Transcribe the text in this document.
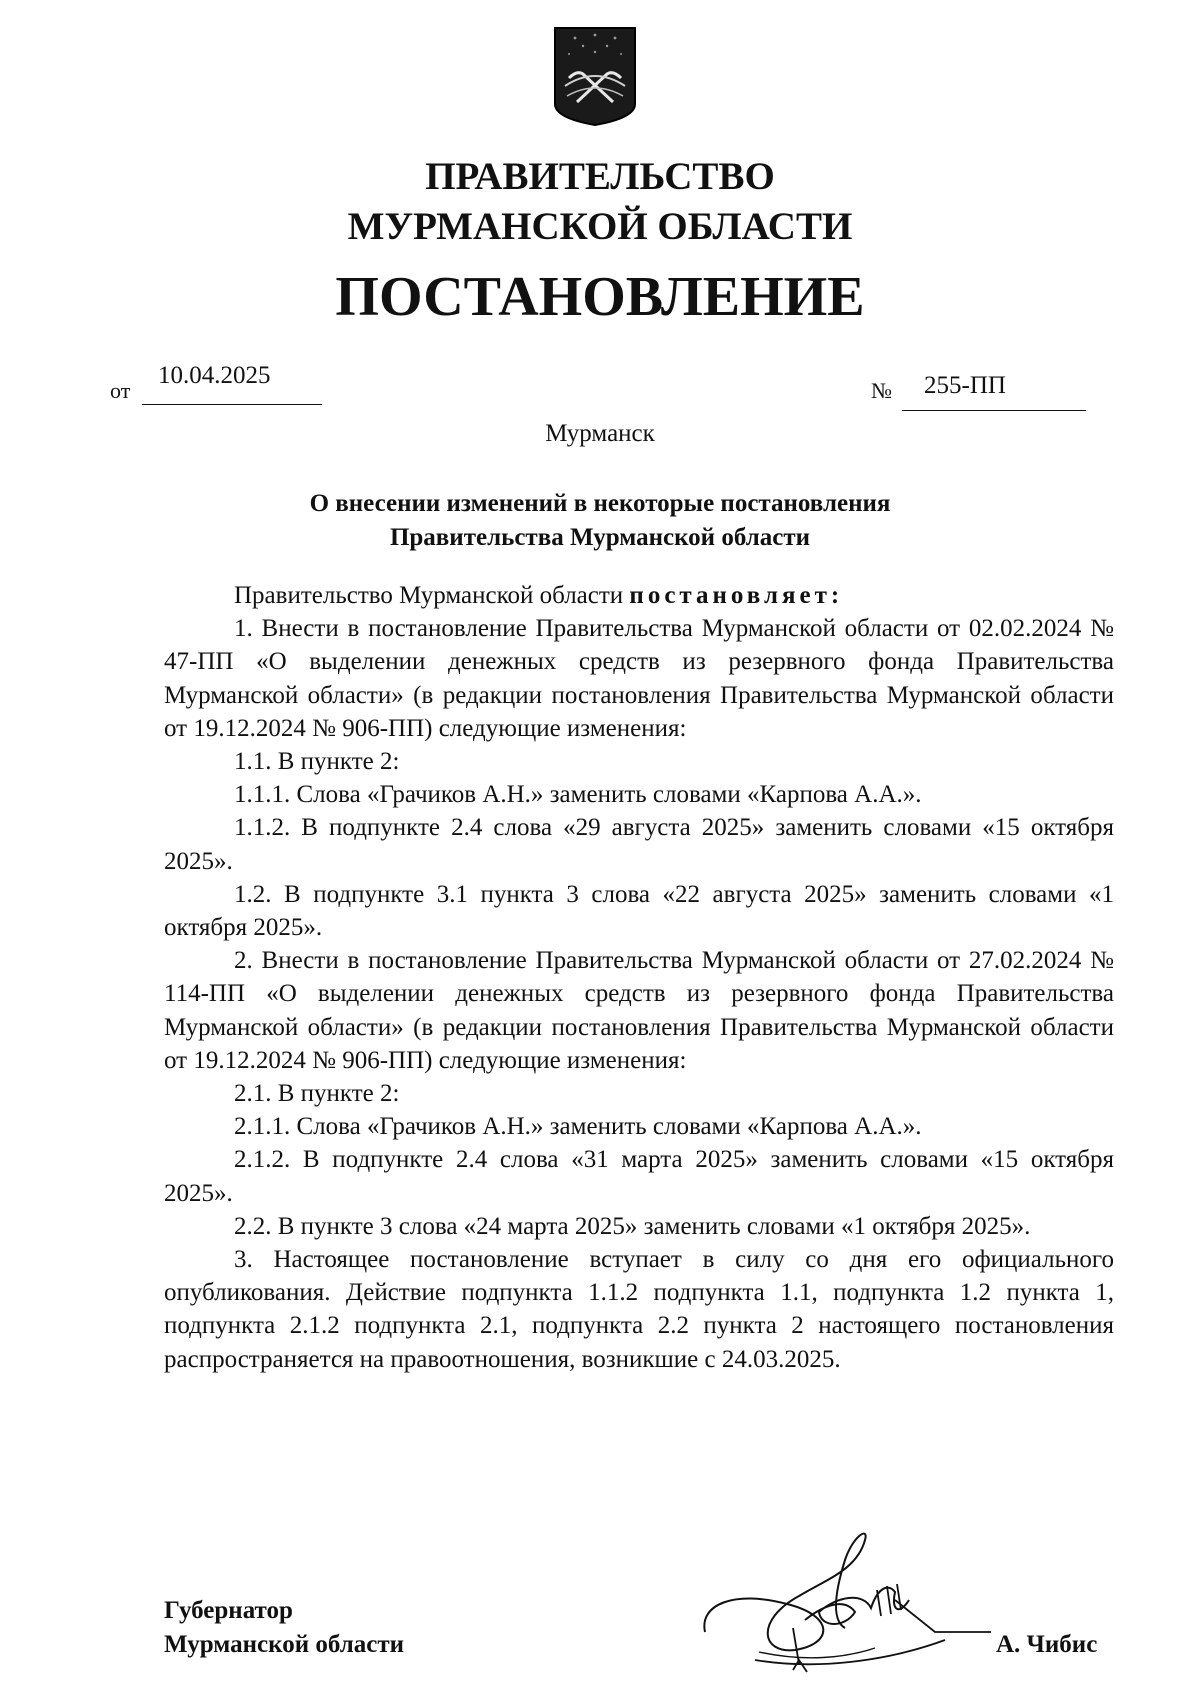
ПРАВИТЕЛЬСТВО
МУРМАНСКОЙ ОБЛАСТИ
ПОСТАНОВЛЕНИЕ
от
10.04.2025
№ 255-ПП
Мурманск
О внесении изменений в некоторые постановления
Правительства Мурманской области

Правительство Мурманской области постановляет:

1. Внести в постановление Правительства Мурманской области от 02.02.2024 № 47-ПП «О выделении денежных средств из резервного фонда Правительства Мурманской области» (в редакции постановления Правительства Мурманской области от 19.12.2024 № 906-ПП) следующие изменения:

1.1. В пункте 2:

1.1.1. Слова «Грачиков А.Н.» заменить словами «Карпова А.А.».

1.1.2. В подпункте 2.4 слова «29 августа 2025» заменить словами «15 октября 2025».

1.2. В подпункте 3.1 пункта 3 слова «22 августа 2025» заменить словами «1 октября 2025».

2. Внести в постановление Правительства Мурманской области от 27.02.2024 № 114-ПП «О выделении денежных средств из резервного фонда Правительства Мурманской области» (в редакции постановления Правительства Мурманской области от 19.12.2024 № 906-ПП) следующие изменения:

2.1. В пункте 2:

2.1.1. Слова «Грачиков А.Н.» заменить словами «Карпова А.А.».

2.1.2. В подпункте 2.4 слова «31 марта 2025» заменить словами «15 октября 2025».

2.2. В пункте 3 слова «24 марта 2025» заменить словами «1 октября 2025».

3. Настоящее постановление вступает в силу со дня его официального опубликования. Действие подпункта 1.1.2 подпункта 1.1, подпункта 1.2 пункта 1, подпункта 2.1.2 подпункта 2.1, подпункта 2.2 пункта 2 настоящего постановления распространяется на правоотношения, возникшие с 24.03.2025.

Губернатор
Мурманской области	А. Чибис
